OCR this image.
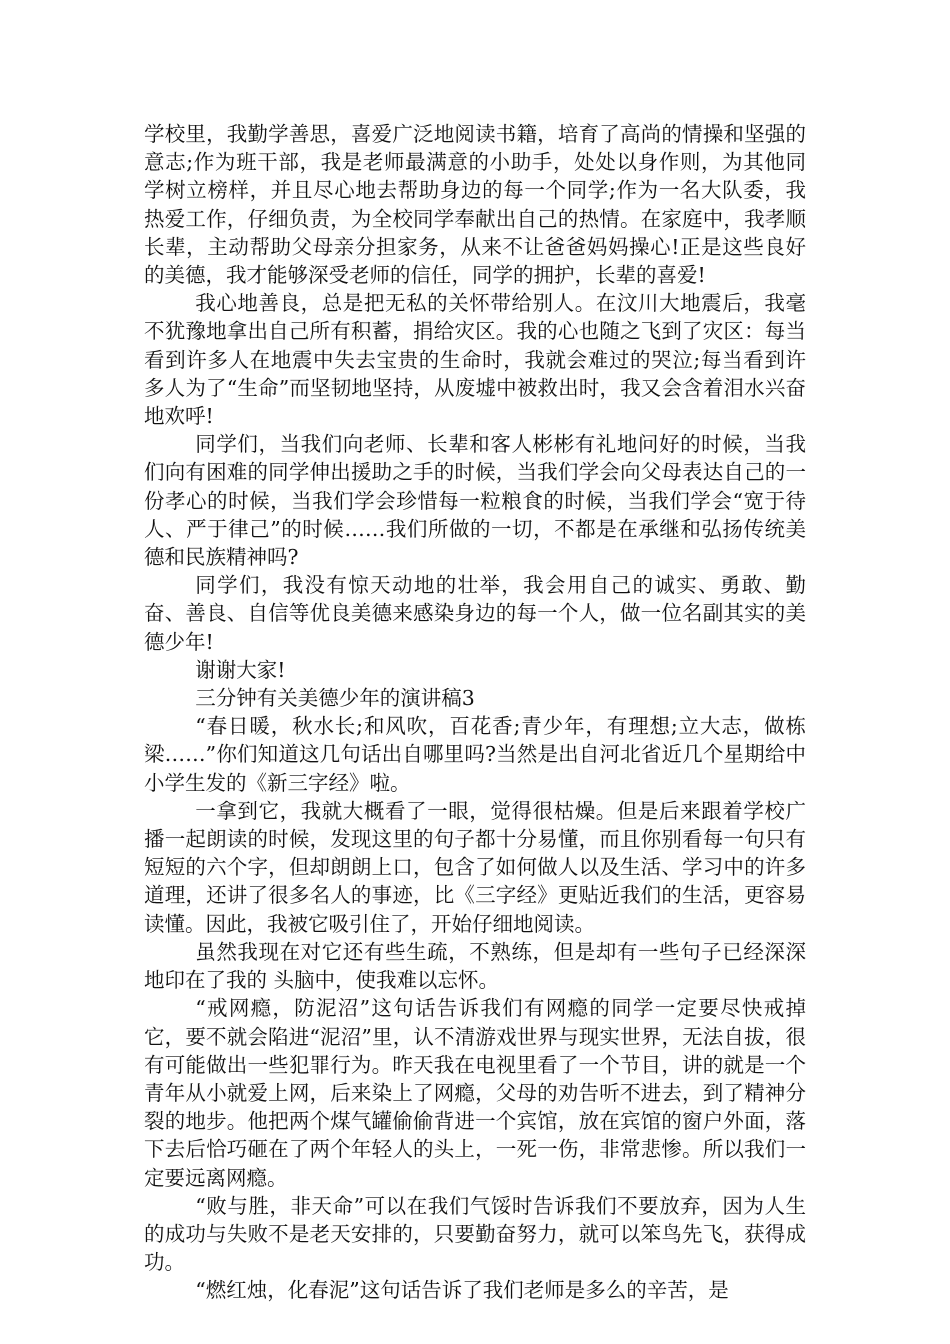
学校里，我勤学善思，喜爱广泛地阅读书籍，培育了高尚的情操和坚强的意志;作为班干部，我是老师最满意的小助手，处处以身作则，为其他同学树立榜样，并且尽心地去帮助身边的每一个同学;作为一名大队委，我热爱工作，仔细负责，为全校同学奉献出自己的热情。在家庭中，我孝顺长辈，主动帮助父母亲分担家务，从来不让爸爸妈妈操心!正是这些良好的美德，我才能够深受老师的信任，同学的拥护，长辈的喜爱!

我心地善良，总是把无私的关怀带给别人。在汶川大地震后，我毫不犹豫地拿出自己所有积蓄，捐给灾区。我的心也随之飞到了灾区：每当看到许多人在地震中失去宝贵的生命时，我就会难过的哭泣;每当看到许多人为了“生命”而坚韧地坚持，从废墟中被救出时，我又会含着泪水兴奋地欢呼!

同学们，当我们向老师、长辈和客人彬彬有礼地问好的时候，当我们向有困难的同学伸出援助之手的时候，当我们学会向父母表达自己的一份孝心的时候，当我们学会珍惜每一粒粮食的时候，当我们学会“宽于待人、严于律己”的时候……我们所做的一切，不都是在承继和弘扬传统美德和民族精神吗?

同学们，我没有惊天动地的壮举，我会用自己的诚实、勇敢、勤奋、善良、自信等优良美德来感染身边的每一个人，做一位名副其实的美德少年!

谢谢大家!

三分钟有关美德少年的演讲稿3

“春日暖，秋水长;和风吹，百花香;青少年，有理想;立大志，做栋梁……”你们知道这几句话出自哪里吗?当然是出自河北省近几个星期给中小学生发的《新三字经》啦。

一拿到它，我就大概看了一眼，觉得很枯燥。但是后来跟着学校广播一起朗读的时候，发现这里的句子都十分易懂，而且你别看每一句只有短短的六个字，但却朗朗上口，包含了如何做人以及生活、学习中的许多道理，还讲了很多名人的事迹，比《三字经》更贴近我们的生活，更容易读懂。因此，我被它吸引住了，开始仔细地阅读。

虽然我现在对它还有些生疏，不熟练，但是却有一些句子已经深深地印在了我的 头脑中，使我难以忘怀。

“戒网瘾，防泥沼”这句话告诉我们有网瘾的同学一定要尽快戒掉它，要不就会陷进“泥沼”里，认不清游戏世界与现实世界，无法自拔，很有可能做出一些犯罪行为。昨天我在电视里看了一个节目，讲的就是一个青年从小就爱上网，后来染上了网瘾，父母的劝告听不进去，到了精神分裂的地步。他把两个煤气罐偷偷背进一个宾馆，放在宾馆的窗户外面，落下去后恰巧砸在了两个年轻人的头上，一死一伤，非常悲惨。所以我们一定要远离网瘾。

“败与胜，非天命”可以在我们气馁时告诉我们不要放弃，因为人生的成功与失败不是老天安排的，只要勤奋努力，就可以笨鸟先飞，获得成功。

“燃红烛，化春泥”这句话告诉了我们老师是多么的辛苦，是
